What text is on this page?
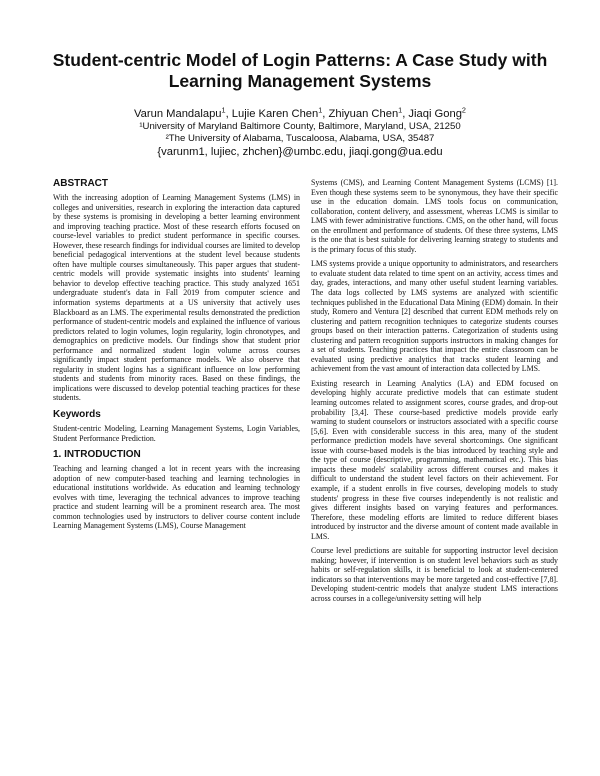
Student-centric Model of Login Patterns: A Case Study with Learning Management Systems
Varun Mandalapu$^1$, Lujie Karen Chen$^1$, Zhiyuan Chen$^1$, Jiaqi Gong$^2$
¹University of Maryland Baltimore County, Baltimore, Maryland, USA, 21250
²The University of Alabama, Tuscaloosa, Alabama, USA, 35487
{varunm1, lujiec, zhchen}@umbc.edu, jiaqi.gong@ua.edu
ABSTRACT

With the increasing adoption of Learning Management Systems (LMS) in colleges and universities, research in exploring the interaction data captured by these systems is promising in developing a better learning environment and improving teaching practice. Most of these research efforts focused on course-level variables to predict student performance in specific courses. However, these research findings for individual courses are limited to develop beneficial pedagogical interventions at the student level because students often have multiple courses simultaneously. This paper argues that student-centric models will provide systematic insights into students' learning behavior to develop effective teaching practice. This study analyzed 1651 undergraduate student's data in Fall 2019 from computer science and information systems departments at a US university that actively uses Blackboard as an LMS. The experimental results demonstrated the prediction performance of student-centric models and explained the influence of various predictors related to login volumes, login regularity, login chronotypes, and demographics on predictive models. Our findings show that student prior performance and normalized student login volume across courses significantly impact student performance models. We also observe that regularity in student logins has a significant influence on low performing students and students from minority races. Based on these findings, the implications were discussed to develop potential teaching practices for these students.

Keywords

Student-centric Modeling, Learning Management Systems, Login Variables, Student Performance Prediction.

1. INTRODUCTION

Teaching and learning changed a lot in recent years with the increasing adoption of new computer-based teaching and learning technologies in educational institutions worldwide. As education and learning technology evolves with time, leveraging the technical advances to improve teaching practice and student learning will be a prominent research area. The most common technologies used by instructors to deliver course content include Learning Management Systems (LMS), Course Management

Systems (CMS), and Learning Content Management Systems (LCMS) [1]. Even though these systems seem to be synonymous, they have their specific use in the education domain. LMS tools focus on communication, collaboration, content delivery, and assessment, whereas LCMS is similar to LMS with fewer administrative functions. CMS, on the other hand, will focus on the enrollment and performance of students. Of these three systems, LMS is the one that is best suitable for delivering learning strategy to students and is the primary focus of this study.

LMS systems provide a unique opportunity to administrators, and researchers to evaluate student data related to time spent on an activity, access times and day, grades, interactions, and many other useful student learning variables. The data logs collected by LMS systems are analyzed with scientific techniques published in the Educational Data Mining (EDM) domain. In their study, Romero and Ventura [2] described that current EDM methods rely on clustering and pattern recognition techniques to categorize students courses groups based on their interaction patterns. Categorization of students using clustering and pattern recognition supports instructors in making changes for a set of students. Teaching practices that impact the entire classroom can be evaluated using predictive analytics that tracks student learning and achievement from the vast amount of interaction data collected by LMS.

Existing research in Learning Analytics (LA) and EDM focused on developing highly accurate predictive models that can estimate student learning outcomes related to assignment scores, course grades, and drop-out probability [3,4]. These course-based predictive models provide early warning to student counselors or instructors associated with a specific course [5,6]. Even with considerable success in this area, many of the student performance prediction models have several shortcomings. One significant issue with course-based models is the bias introduced by teaching style and the type of course (descriptive, programming, mathematical etc.). This bias impacts these models' scalability across different courses and makes it difficult to understand the student level factors on their achievement. For example, if a student enrolls in five courses, developing models to study students' progress in these five courses independently is not realistic and gives different insights based on varying features and performances. Therefore, these modeling efforts are limited to reduce different biases introduced by instructor and the diverse amount of content made available in LMS.

Course level predictions are suitable for supporting instructor level decision making; however, if intervention is on student level behaviors such as study habits or self-regulation skills, it is beneficial to look at student-centered indicators so that interventions may be more targeted and cost-effective [7,8]. Developing student-centric models that analyze student LMS interactions across courses in a college/university setting will help
